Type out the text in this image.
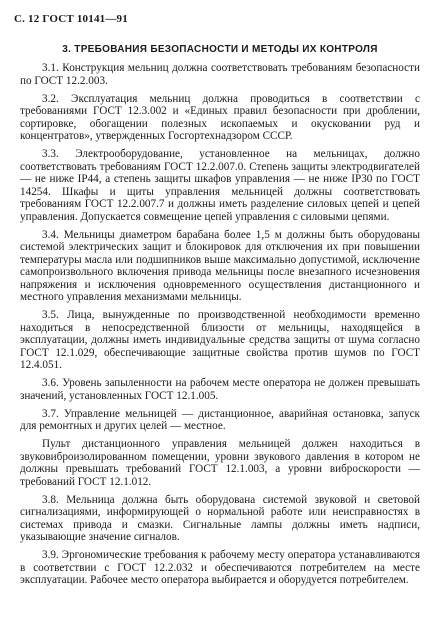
С. 12 ГОСТ 10141—91
3. ТРЕБОВАНИЯ БЕЗОПАСНОСТИ И МЕТОДЫ ИХ КОНТРОЛЯ

3.1. Конструкция мельниц должна соответствовать требованиям безопасности по ГОСТ 12.2.003.

3.2. Эксплуатация мельниц должна проводиться в соответствии с требованиями ГОСТ 12.3.002 и «Единых правил безопасности при дроблении, сортировке, обогащении полезных ископаемых и окусковании руд и концентратов», утвержденных Госгортехнадзором СССР.

3.3. Электрооборудование, установленное на мельницах, должно соответствовать требованиям ГОСТ 12.2.007.0. Степень защиты электродвигателей — не ниже IP44, а степень защиты шкафов управления — не ниже IP30 по ГОСТ 14254. Шкафы и щиты управления мельницей должны соответствовать требованиям ГОСТ 12.2.007.7 и должны иметь разделение силовых цепей и цепей управления. Допускается совмещение цепей управления с силовыми цепями.

3.4. Мельницы диаметром барабана более 1,5 м должны быть оборудованы системой электрических защит и блокировок для отключения их при повышении температуры масла или подшипников выше максимально допустимой, исключение самопроизвольного включения привода мельницы после внезапного исчезновения напряжения и исключения одновременного осуществления дистанционного и местного управления механизмами мельницы.

3.5. Лица, вынужденные по производственной необходимости временно находиться в непосредственной близости от мельницы, находящейся в эксплуатации, должны иметь индивидуальные средства защиты от шума согласно ГОСТ 12.1.029, обеспечивающие защитные свойства против шумов по ГОСТ 12.4.051.

3.6. Уровень запыленности на рабочем месте оператора не должен превышать значений, установленных ГОСТ 12.1.005.

3.7. Управление мельницей — дистанционное, аварийная остановка, запуск для ремонтных и других целей — местное.

Пульт дистанционного управления мельницей должен находиться в звуковиброизолированном помещении, уровни звукового давления в котором не должны превышать требований ГОСТ 12.1.003, а уровни виброскорости — требований ГОСТ 12.1.012.

3.8. Мельница должна быть оборудована системой звуковой и световой сигнализациями, информирующей о нормальной работе или неисправностях в системах привода и смазки. Сигнальные лампы должны иметь надписи, указывающие значение сигналов.

3.9. Эргономические требования к рабочему месту оператора устанавливаются в соответствии с ГОСТ 12.2.032 и обеспечиваются потребителем на месте эксплуатации. Рабочее место оператора выбирается и оборудуется потребителем.
